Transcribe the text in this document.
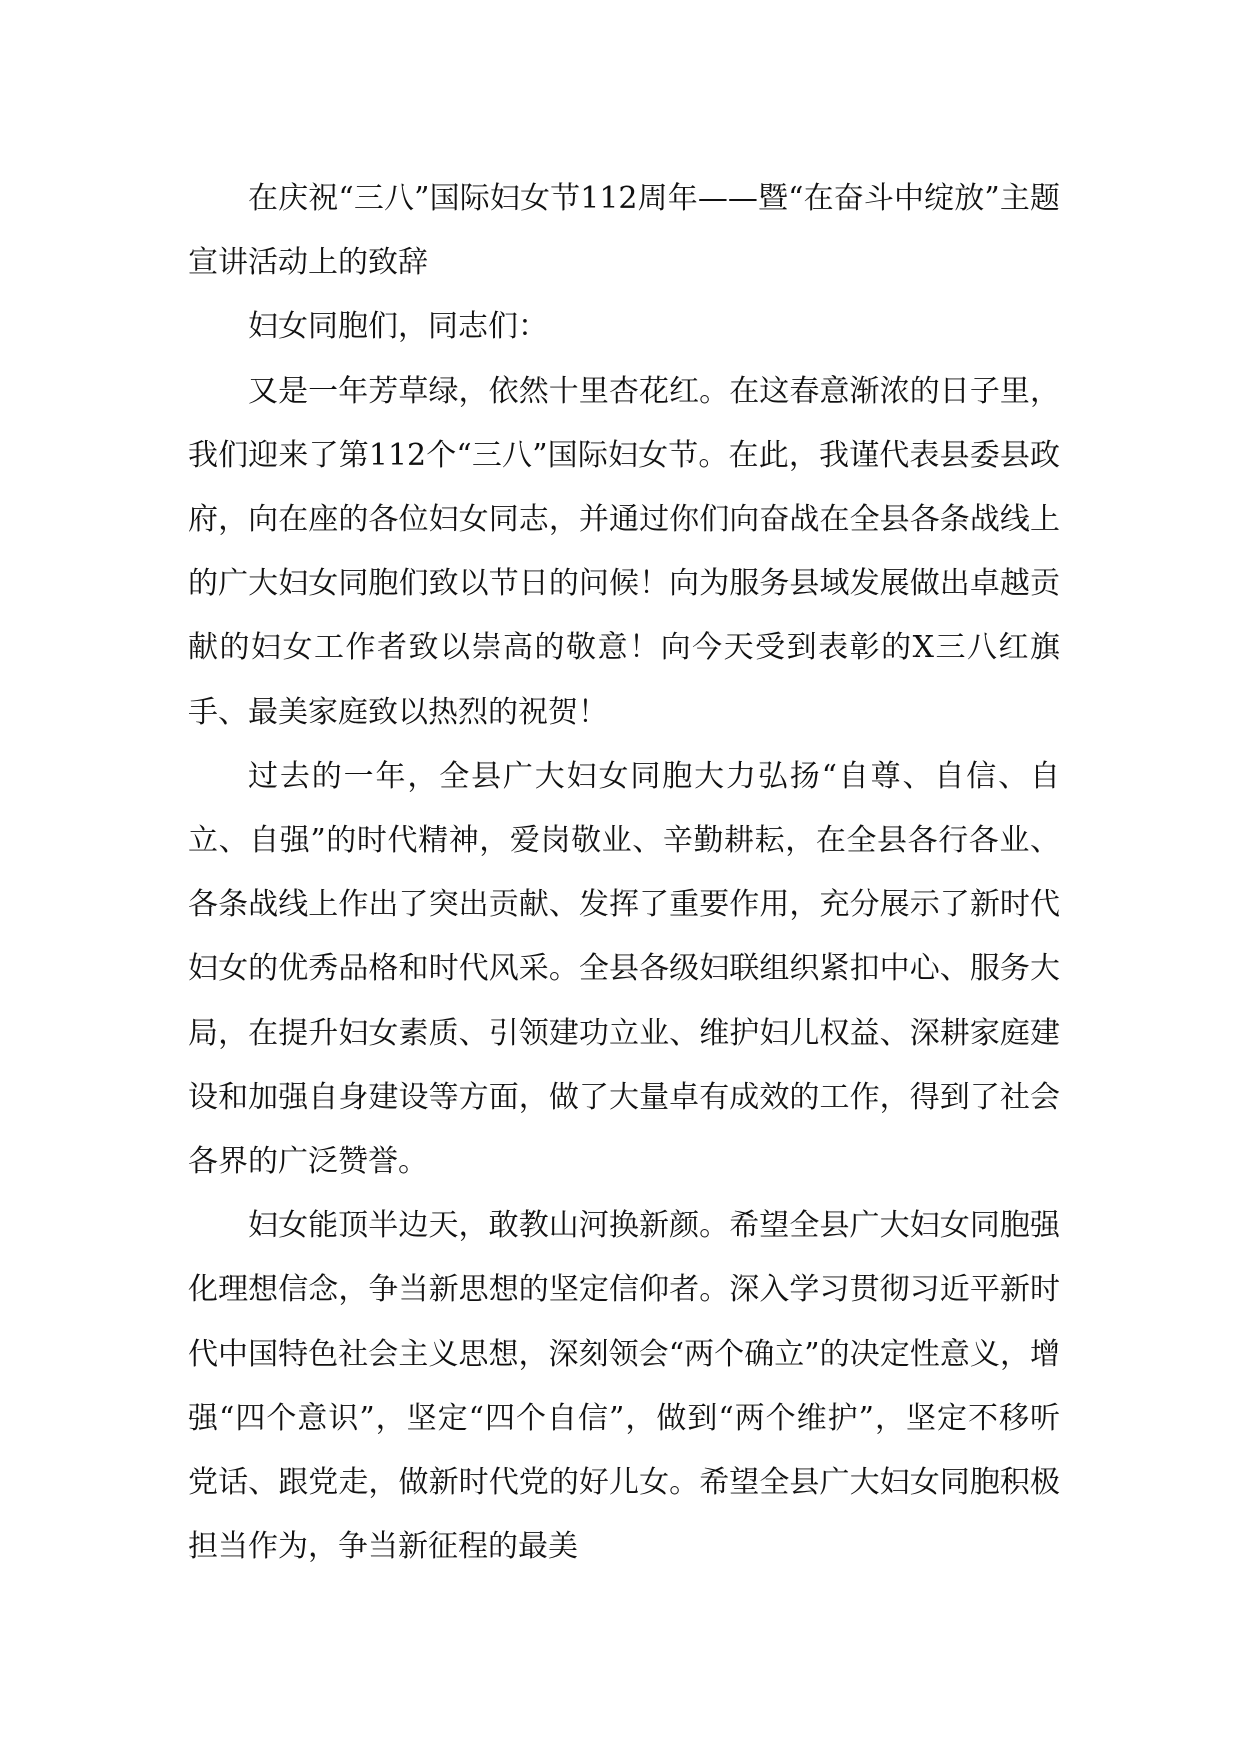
在庆祝“三八”国际妇女节112周年——暨“在奋斗中绽放”主题宣讲活动上的致辞

妇女同胞们，同志们：

又是一年芳草绿，依然十里杏花红。在这春意渐浓的日子里，我们迎来了第112个“三八”国际妇女节。在此，我谨代表县委县政府，向在座的各位妇女同志，并通过你们向奋战在全县各条战线上的广大妇女同胞们致以节日的问候！向为服务县域发展做出卓越贡献的妇女工作者致以崇高的敬意！向今天受到表彰的X三八红旗手、最美家庭致以热烈的祝贺！

过去的一年，全县广大妇女同胞大力弘扬“自尊、自信、自立、自强”的时代精神，爱岗敬业、辛勤耕耘，在全县各行各业、各条战线上作出了突出贡献、发挥了重要作用，充分展示了新时代妇女的优秀品格和时代风采。全县各级妇联组织紧扣中心、服务大局，在提升妇女素质、引领建功立业、维护妇儿权益、深耕家庭建设和加强自身建设等方面，做了大量卓有成效的工作，得到了社会各界的广泛赞誉。

妇女能顶半边天，敢教山河换新颜。希望全县广大妇女同胞强化理想信念，争当新思想的坚定信仰者。深入学习贯彻习近平新时代中国特色社会主义思想，深刻领会“两个确立”的决定性意义，增强“四个意识”，坚定“四个自信”，做到“两个维护”，坚定不移听党话、跟党走，做新时代党的好儿女。希望全县广大妇女同胞积极担当作为，争当新征程的最美
